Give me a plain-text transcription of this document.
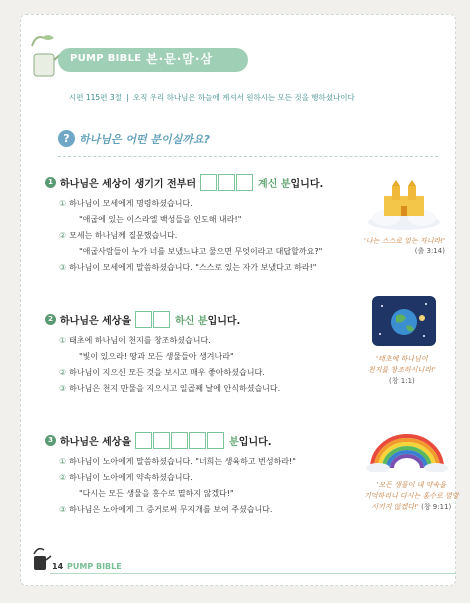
PUMP BIBLE 본·문·맘·삼
시편 115편 3절 오직 우리 하나님은 하늘에 계셔서 원하시는 모든 것을 행하셨나이다
? 하나님은 어떤 분이실까요?
1 하나님은 세상이 생기기 전부터	계신 분 입니다.
① 하나님이 모세에게 명령하셨습니다.
"애굽에 있는 이스라엘 백성들을 인도해 내라!"
② 모세는 하나님께 질문했습니다.
"애굽사람들이 누가 너를 보냈느냐고 물으면 무엇이라고 대답할까요?"
③ 하나님이 모세에게 말씀하셨습니다. "스스로 있는 자가 보냈다고 하라!"
'나는 스스로 있는 자니라!'
(출 3:14)
2 하나님은 세상을	하신 분 입니다.
① 태초에 하나님이 천지를 창조하셨습니다.
"빛이 있으라! 땅과 모든 생물들아 생겨나라"
② 하나님이 지으신 모든 것을 보시고 매우 좋아하셨습니다.
③ 하나님은 천지 만물을 지으시고 일곱째 날에 안식하셨습니다.
'태초에 하나님이
천지를 창조하시니라!'
(창 1:1)
3 하나님은 세상을	분 입니다.
① 하나님이 노아에게 말씀하셨습니다. "너희는 생육하고 번성하라!"
② 하나님이 노아에게 약속하셨습니다.
"다시는 모든 생물을 홍수로 멸하지 않겠다!"
③ 하나님은 노아에게 그 증거로써 무지개를 보여 주셨습니다.
'모든 생물이 내 약속을
기억하리니 다시는 홍수로 멸망
시키지 않겠다!' (창 9:11)
14 PUMP BIBLE
